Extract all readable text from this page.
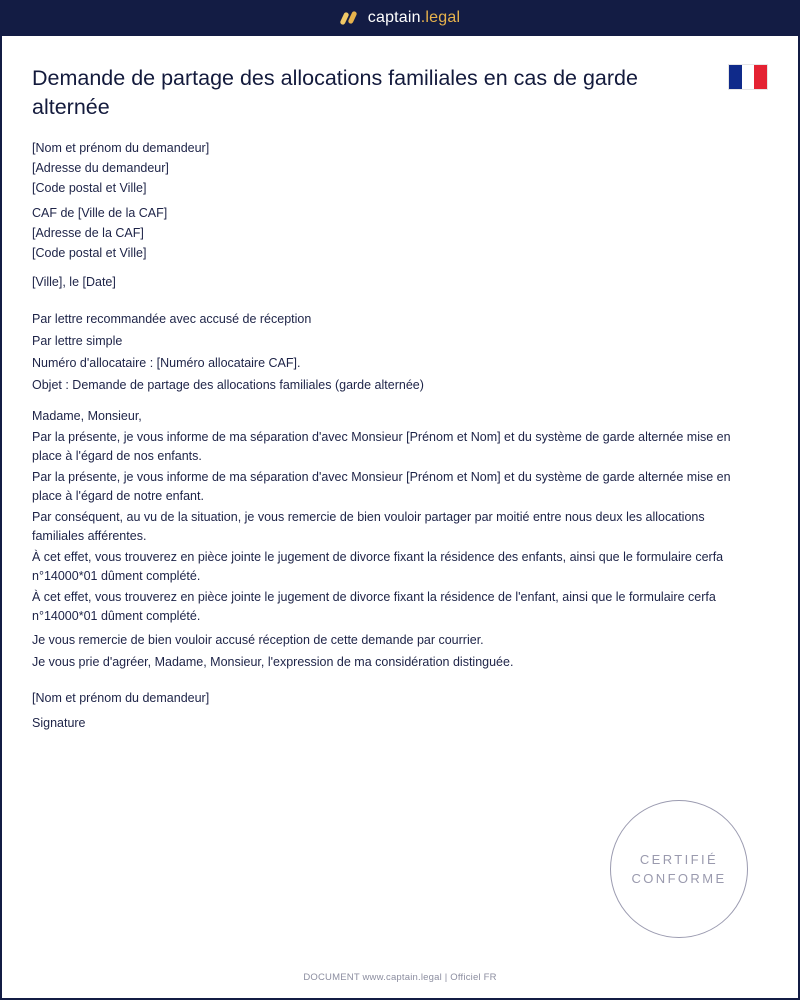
captain.legal
Demande de partage des allocations familiales en cas de garde alternée
[Nom et prénom du demandeur]
[Adresse du demandeur]
[Code postal et Ville]
CAF de [Ville de la CAF]
[Adresse de la CAF]
[Code postal et Ville]
[Ville], le [Date]
Par lettre recommandée avec accusé de réception
Par lettre simple
Numéro d'allocataire : [Numéro allocataire CAF].
Objet : Demande de partage des allocations familiales (garde alternée)
Madame, Monsieur,
Par la présente, je vous informe de ma séparation d'avec Monsieur [Prénom et Nom] et du système de garde alternée mise en place à l'égard de nos enfants.
Par la présente, je vous informe de ma séparation d'avec Monsieur [Prénom et Nom] et du système de garde alternée mise en place à l'égard de notre enfant.
Par conséquent, au vu de la situation, je vous remercie de bien vouloir partager par moitié entre nous deux les allocations familiales afférentes.
À cet effet, vous trouverez en pièce jointe le jugement de divorce fixant la résidence des enfants, ainsi que le formulaire cerfa n°14000*01 dûment complété.
À cet effet, vous trouverez en pièce jointe le jugement de divorce fixant la résidence de l'enfant, ainsi que le formulaire cerfa n°14000*01 dûment complété.
Je vous remercie de bien vouloir accusé réception de cette demande par courrier.
Je vous prie d'agréer, Madame, Monsieur, l'expression de ma considération distinguée.
[Nom et prénom du demandeur]
Signature
CERTIFIÉ
CONFORME
DOCUMENT www.captain.legal | Officiel FR
